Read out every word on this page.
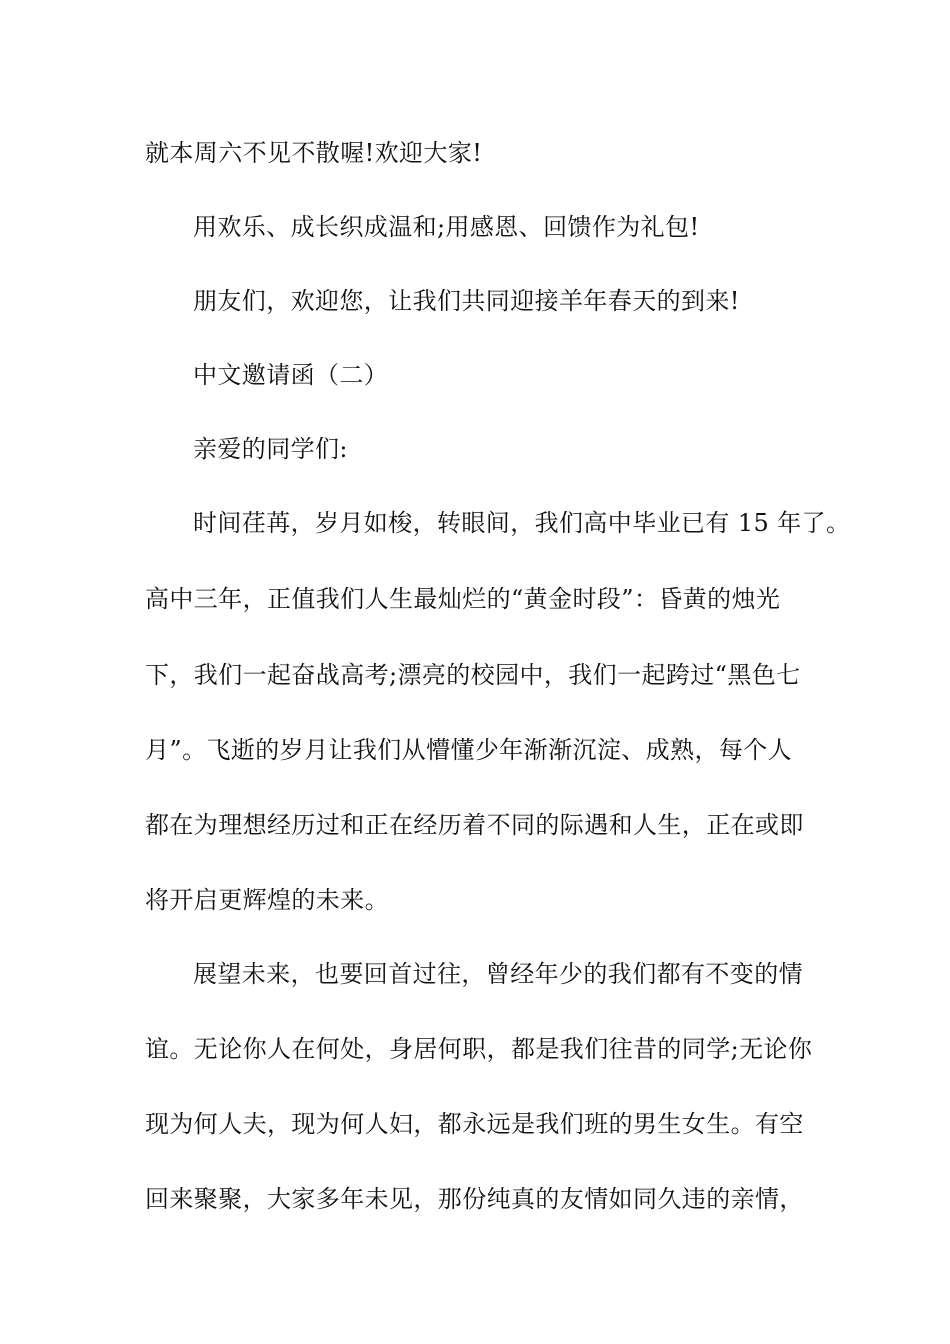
就本周六不见不散喔!欢迎大家!

用欢乐、成长织成温和;用感恩、回馈作为礼包!

朋友们，欢迎您，让我们共同迎接羊年春天的到来!

中文邀请函（二）

亲爱的同学们:

时间荏苒，岁月如梭，转眼间，我们高中毕业已有 15 年了。

高中三年，正值我们人生最灿烂的“黄金时段”：昏黄的烛光

下，我们一起奋战高考;漂亮的校园中，我们一起跨过“黑色七

月”。飞逝的岁月让我们从懵懂少年渐渐沉淀、成熟，每个人

都在为理想经历过和正在经历着不同的际遇和人生，正在或即

将开启更辉煌的未来。

展望未来，也要回首过往，曾经年少的我们都有不变的情

谊。无论你人在何处，身居何职，都是我们往昔的同学;无论你

现为何人夫，现为何人妇，都永远是我们班的男生女生。有空

回来聚聚，大家多年未见，那份纯真的友情如同久违的亲情，
